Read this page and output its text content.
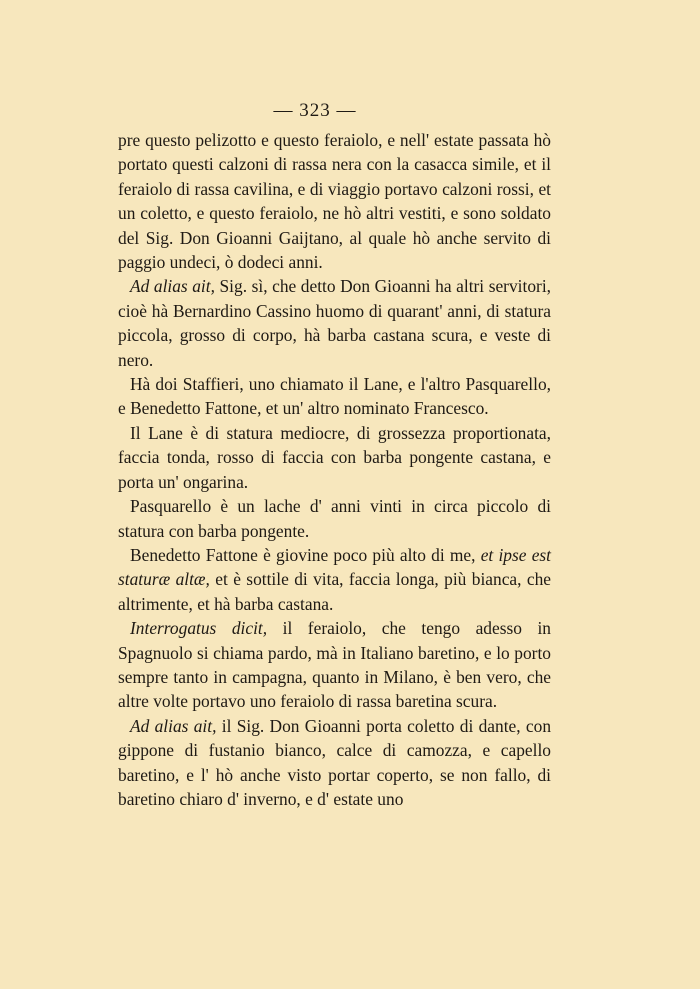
— 323 —

pre questo pelizotto e questo feraiolo, e nell' estate passata hò portato questi calzoni di rassa nera con la casacca simile, et il feraiolo di rassa cavilina, e di viaggio portavo calzoni rossi, et un coletto, e questo feraiolo, ne hò altri vestiti, e sono soldato del Sig. Don Gioanni Gaijtano, al quale hò anche servito di paggio undeci, ò dodeci anni.

Ad alias ait, Sig. sì, che detto Don Gioanni ha altri servitori, cioè hà Bernardino Cassino huomo di quarant' anni, di statura piccola, grosso di corpo, hà barba castana scura, e veste di nero.

Hà doi Staffieri, uno chiamato il Lane, e l'altro Pasquarello, e Benedetto Fattone, et un' altro nominato Francesco.

Il Lane è di statura mediocre, di grossezza proportionata, faccia tonda, rosso di faccia con barba pongente castana, e porta un' ongarina.

Pasquarello è un lache d' anni vinti in circa piccolo di statura con barba pongente.

Benedetto Fattone è giovine poco più alto di me, et ipse est staturæ altæ, et è sottile di vita, faccia longa, più bianca, che altrimente, et hà barba castana.

Interrogatus dicit, il feraiolo, che tengo adesso in Spagnuolo si chiama pardo, mà in Italiano baretino, e lo porto sempre tanto in campagna, quanto in Milano, è ben vero, che altre volte portavo uno feraiolo di rassa baretina scura.

Ad alias ait, il Sig. Don Gioanni porta coletto di dante, con gippone di fustanio bianco, calce di camozza, e capello baretino, e l' hò anche visto portar coperto, se non fallo, di baretino chiaro d' inverno, e d' estate uno
